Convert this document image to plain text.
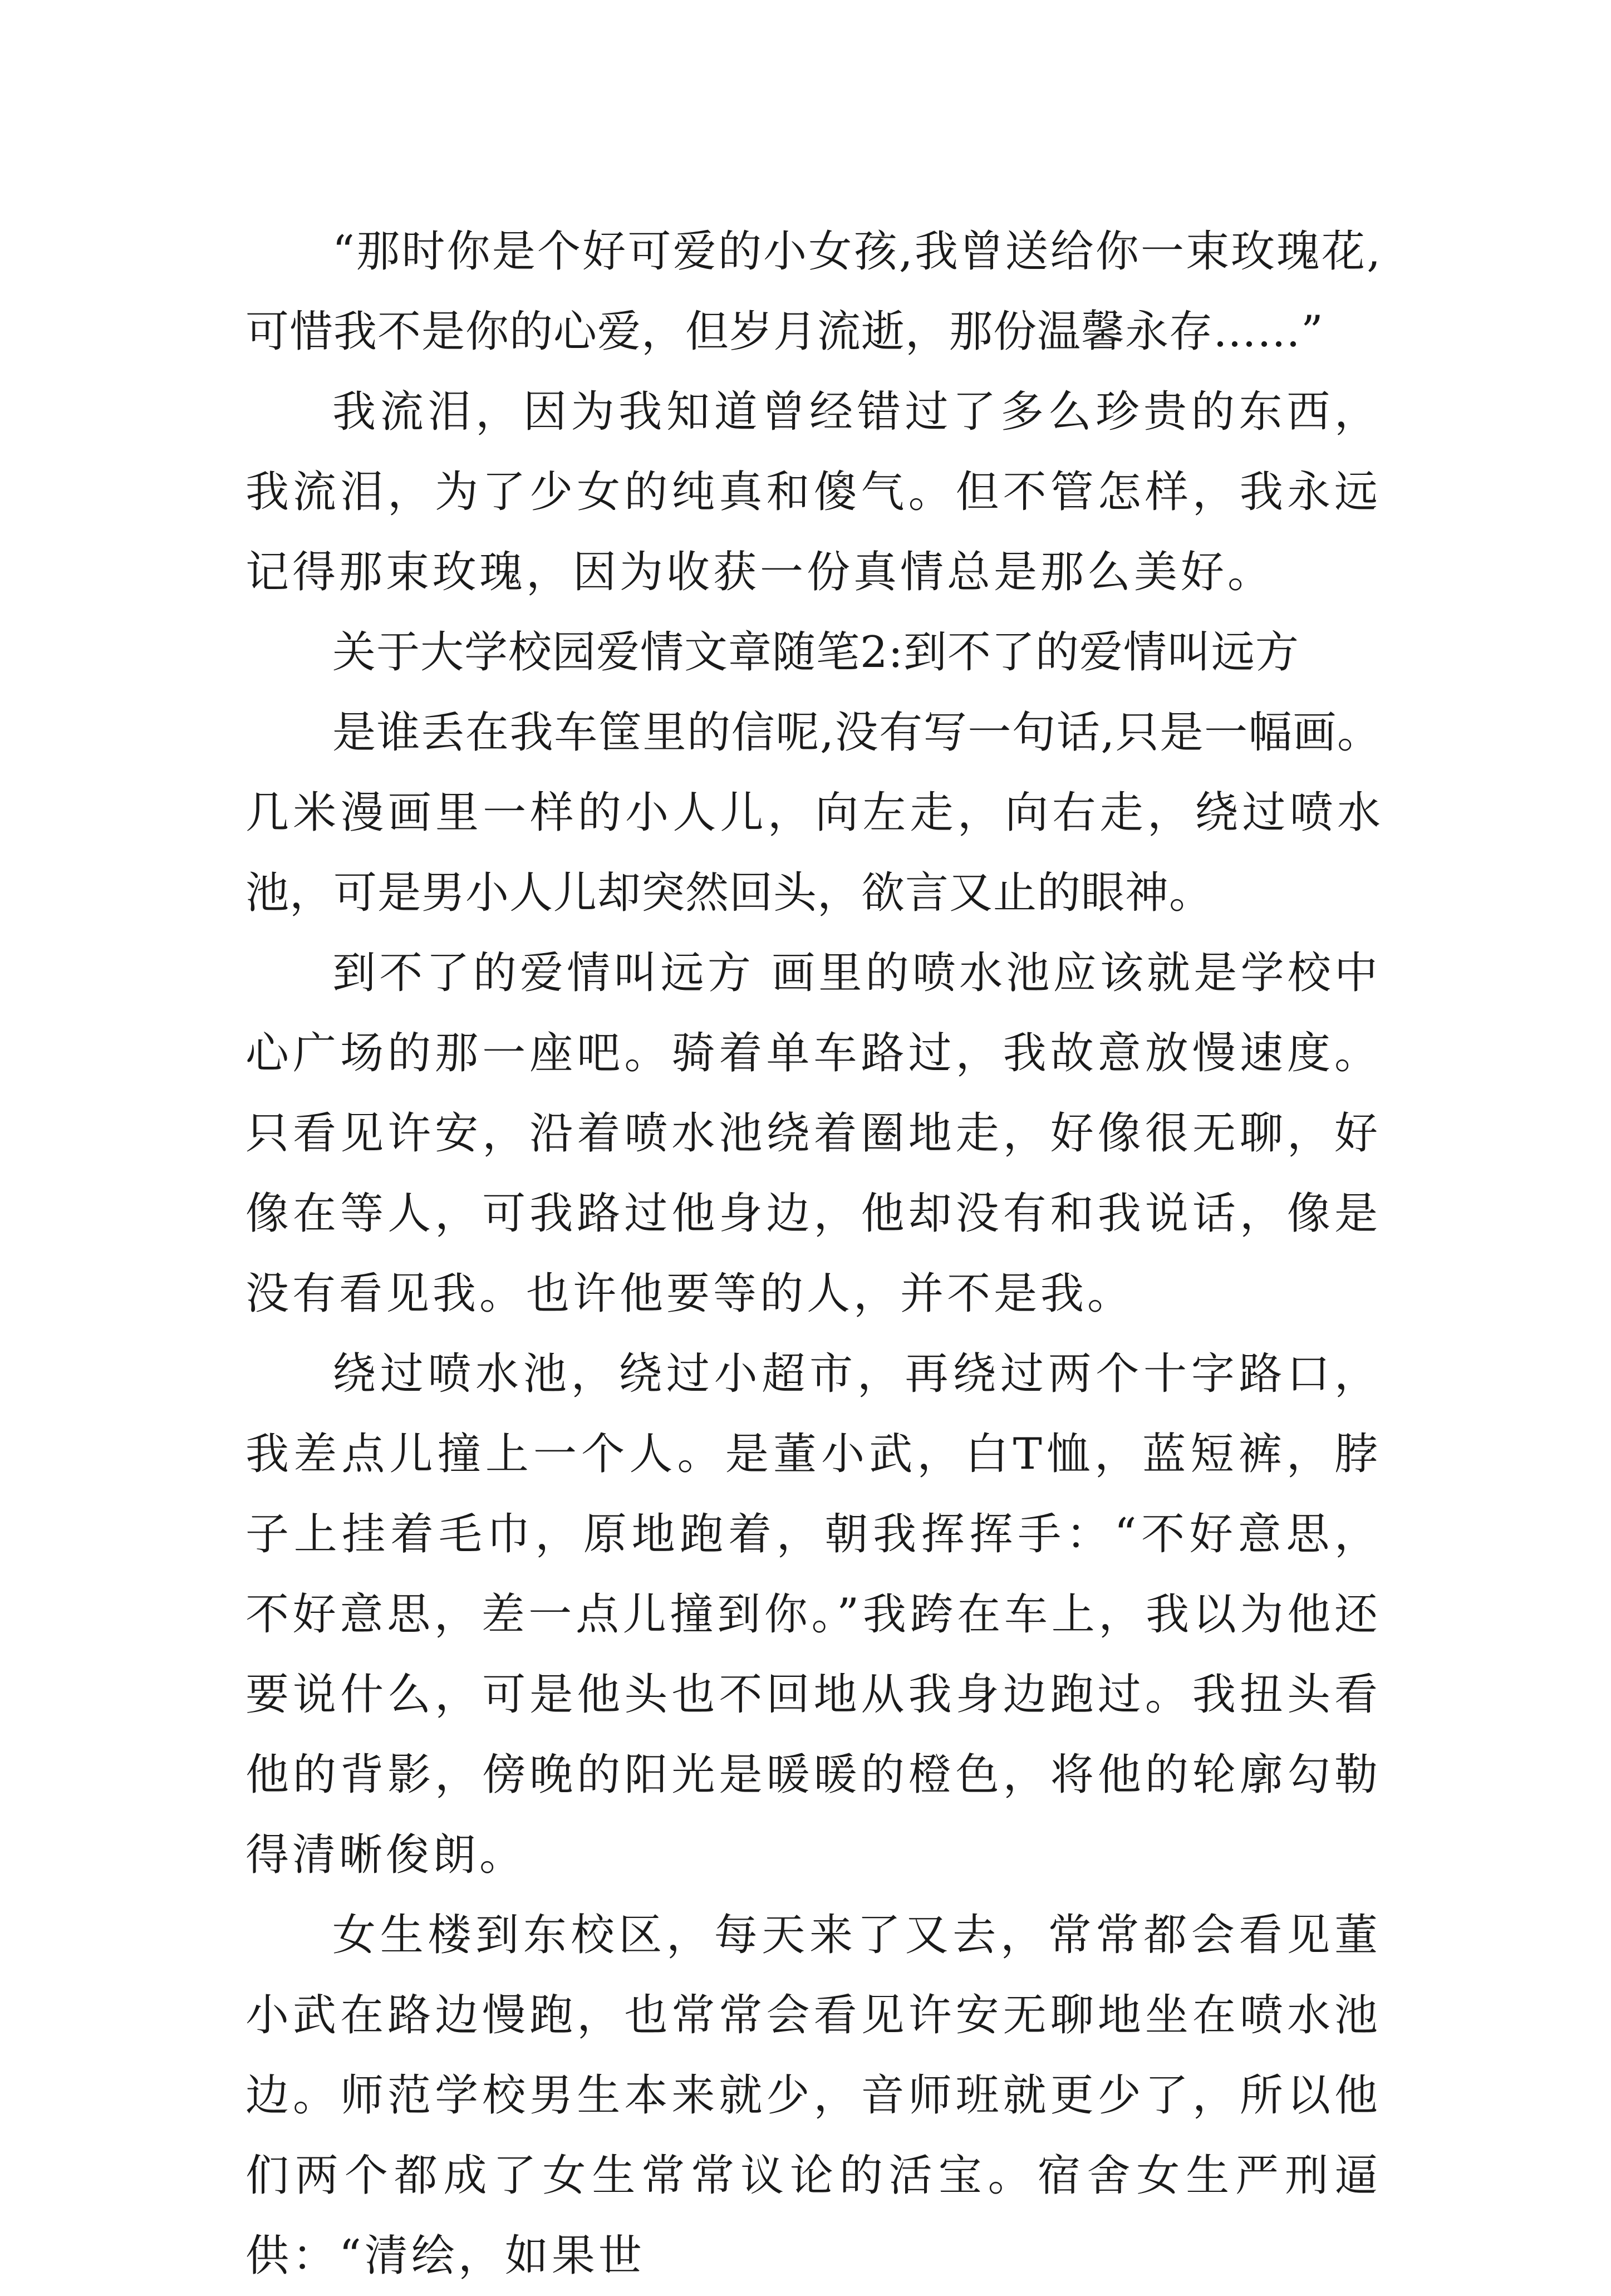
“那时你是个好可爱的小女孩,我曾送给你一束玫瑰花,可惜我不是你的心爱，但岁月流逝，那份温馨永存……”

我流泪，因为我知道曾经错过了多么珍贵的东西，我流泪，为了少女的纯真和傻气。但不管怎样，我永远记得那束玫瑰，因为收获一份真情总是那么美好。

关于大学校园爱情文章随笔2:到不了的爱情叫远方

是谁丢在我车筐里的信呢,没有写一句话,只是一幅画。几米漫画里一样的小人儿，向左走，向右走，绕过喷水池，可是男小人儿却突然回头，欲言又止的眼神。

到不了的爱情叫远方 画里的喷水池应该就是学校中心广场的那一座吧。骑着单车路过，我故意放慢速度。只看见许安，沿着喷水池绕着圈地走，好像很无聊，好像在等人，可我路过他身边，他却没有和我说话，像是没有看见我。也许他要等的人，并不是我。

绕过喷水池，绕过小超市，再绕过两个十字路口，我差点儿撞上一个人。是董小武，白T恤，蓝短裤，脖子上挂着毛巾，原地跑着，朝我挥挥手：“不好意思，不好意思，差一点儿撞到你。”我跨在车上，我以为他还要说什么，可是他头也不回地从我身边跑过。我扭头看他的背影，傍晚的阳光是暖暖的橙色，将他的轮廓勾勒得清晰俊朗。

女生楼到东校区，每天来了又去，常常都会看见董小武在路边慢跑，也常常会看见许安无聊地坐在喷水池边。师范学校男生本来就少，音师班就更少了，所以他们两个都成了女生常常议论的活宝。宿舍女生严刑逼供：“清绘，如果世
